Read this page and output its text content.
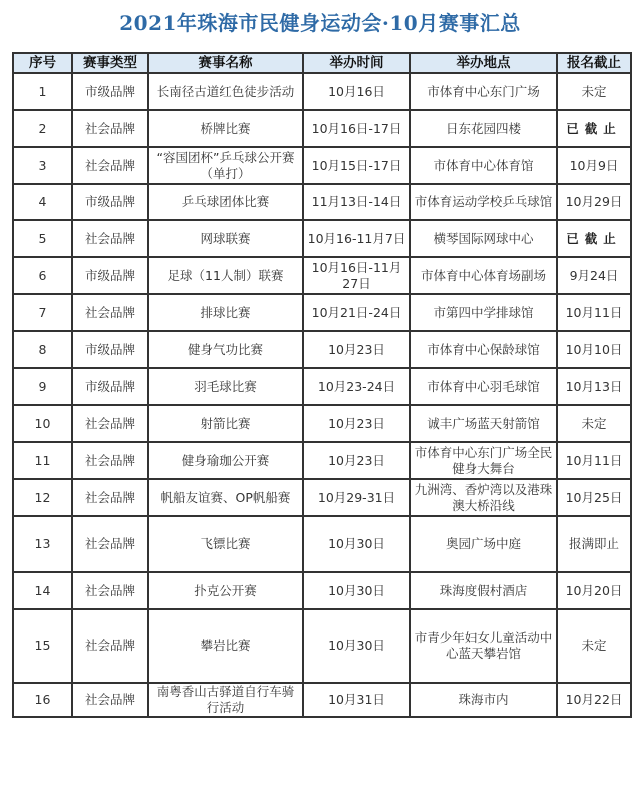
2021年珠海市民健身运动会·10月赛事汇总
序号	赛事类型	赛事名称	举办时间	举办地点	报名截止
1	市级品牌	长南径古道红色徒步活动	10月16日	市体育中心东门广场	未定
2	社会品牌	桥牌比赛	10月16日-17日	日东花园四楼	已截止
3	社会品牌	“容国团杯”乒乓球公开赛（单打）	10月15日-17日	市体育中心体育馆	10月9日
4	市级品牌	乒乓球团体比赛	11月13日-14日	市体育运动学校乒乓球馆	10月29日
5	社会品牌	网球联赛	10月16-11月7日	横琴国际网球中心	已截止
6	市级品牌	足球（11人制）联赛	10月16日-11月27日	市体育中心体育场副场	9月24日
7	社会品牌	排球比赛	10月21日-24日	市第四中学排球馆	10月11日
8	市级品牌	健身气功比赛	10月23日	市体育中心保龄球馆	10月10日
9	市级品牌	羽毛球比赛	10月23-24日	市体育中心羽毛球馆	10月13日
10	社会品牌	射箭比赛	10月23日	诚丰广场蓝天射箭馆	未定
11	社会品牌	健身瑜珈公开赛	10月23日	市体育中心东门广场全民健身大舞台	10月11日
12	社会品牌	帆船友谊赛、OP帆船赛	10月29-31日	九洲湾、香炉湾以及港珠澳大桥沿线	10月25日
13	社会品牌	飞镖比赛	10月30日	奥园广场中庭	报满即止
14	社会品牌	扑克公开赛	10月30日	珠海度假村酒店	10月20日
15	社会品牌	攀岩比赛	10月30日	市青少年妇女儿童活动中心蓝天攀岩馆	未定
16	社会品牌	南粤香山古驿道自行车骑行活动	10月31日	珠海市内	10月22日
